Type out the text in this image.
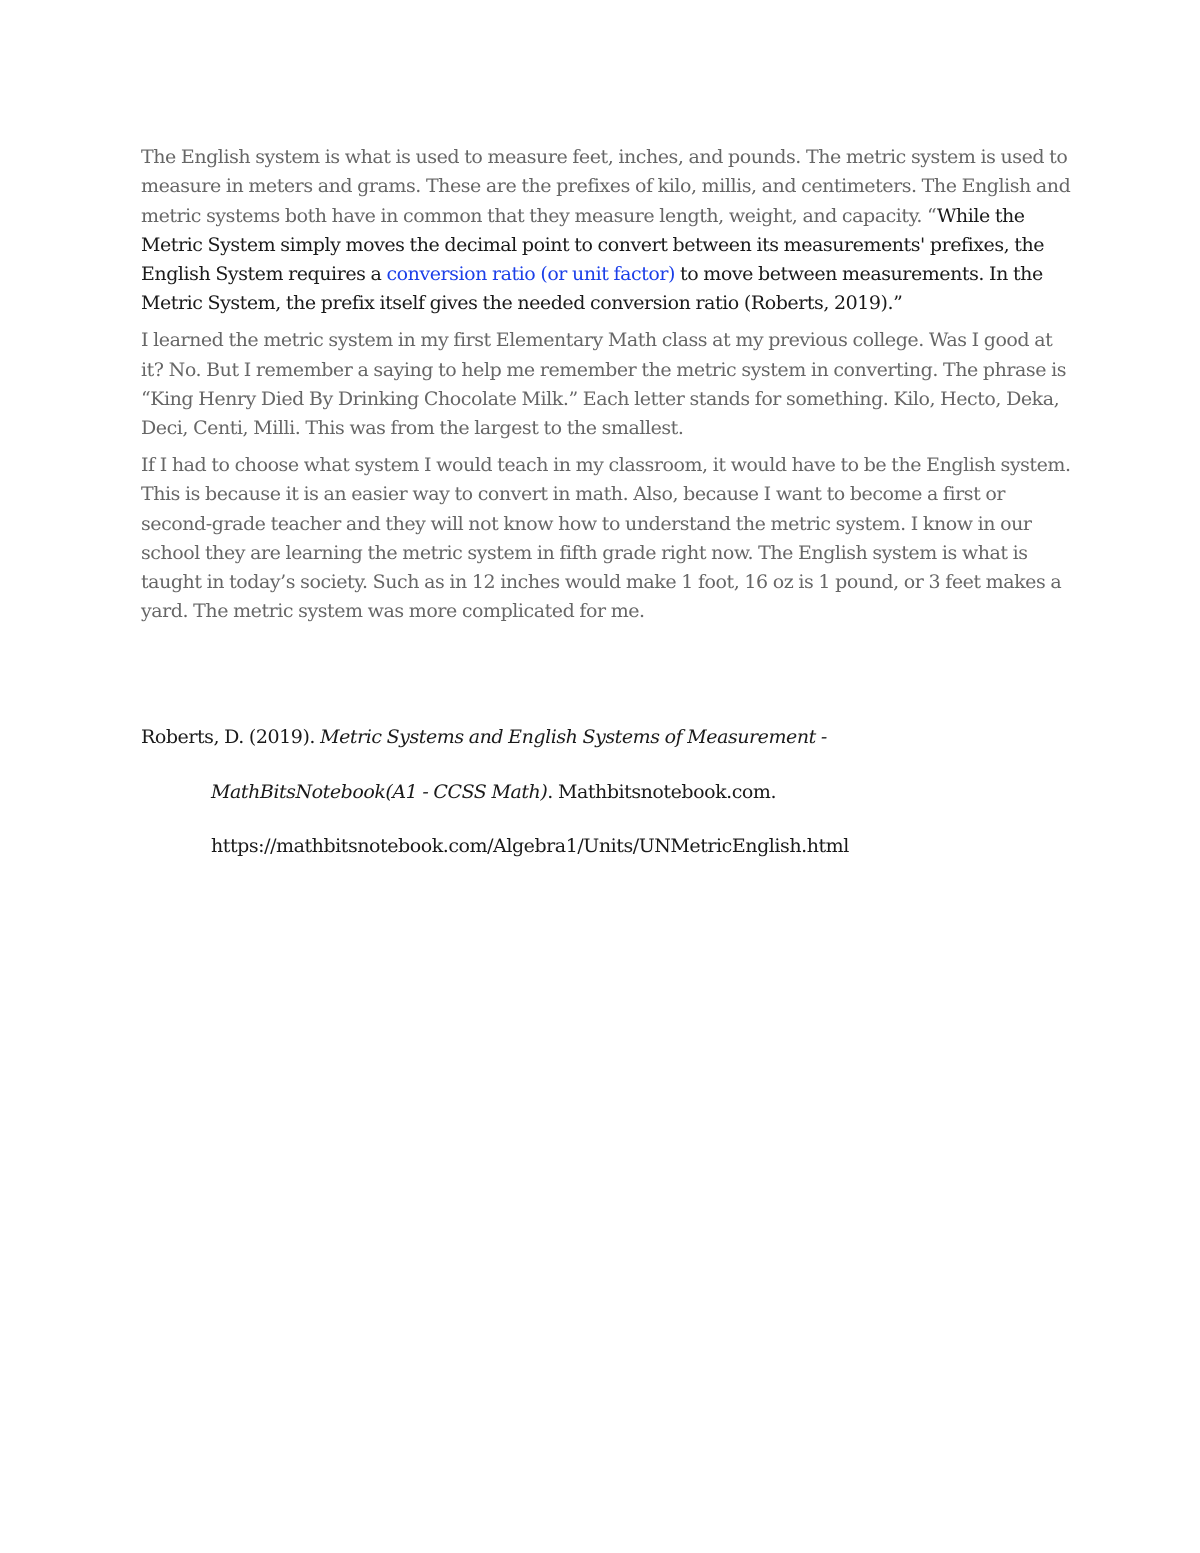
The English system is what is used to measure feet, inches, and pounds. The metric system is used to measure in meters and grams. These are the prefixes of kilo, millis, and centimeters. The English and metric systems both have in common that they measure length, weight, and capacity. “While the Metric System simply moves the decimal point to convert between its measurements' prefixes, the English System requires a conversion ratio (or unit factor) to move between measurements. In the Metric System, the prefix itself gives the needed conversion ratio (Roberts, 2019).”

I learned the metric system in my first Elementary Math class at my previous college. Was I good at it? No. But I remember a saying to help me remember the metric system in converting. The phrase is “King Henry Died By Drinking Chocolate Milk.” Each letter stands for something. Kilo, Hecto, Deka, Deci, Centi, Milli. This was from the largest to the smallest.

If I had to choose what system I would teach in my classroom, it would have to be the English system. This is because it is an easier way to convert in math. Also, because I want to become a first or second-grade teacher and they will not know how to understand the metric system. I know in our school they are learning the metric system in fifth grade right now. The English system is what is taught in today’s society. Such as in 12 inches would make 1 foot, 16 oz is 1 pound, or 3 feet makes a yard. The metric system was more complicated for me.

Roberts, D. (2019). Metric Systems and English Systems of Measurement -
MathBitsNotebook(A1 - CCSS Math). Mathbitsnotebook.com.
https://mathbitsnotebook.com/Algebra1/Units/UNMetricEnglish.html
